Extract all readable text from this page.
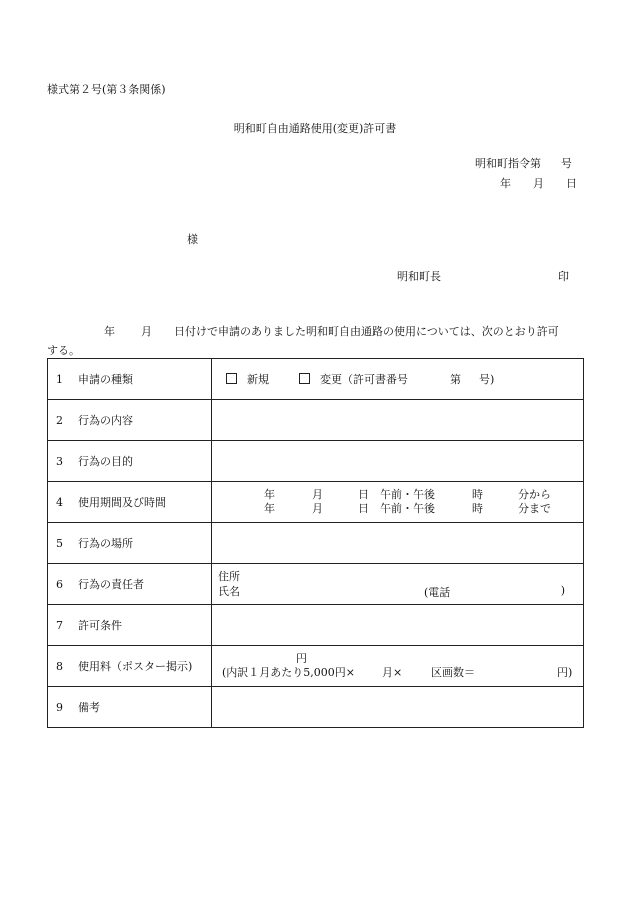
様式第２号(第３条関係)
明和町自由通路使用(変更)許可書
明和町指令第 号
年 月 日
様
明和町長	印
年 月 日付けで申請のありました明和町自由通路の使用については、次のとおり許可
する。
1 申請の種類	新規 変更（許可書番号 第 号)
2 行為の内容	
3 行為の目的	
4 使用期間及び時間	年 月 日 午前・午後 時 分から
年 月 日 午前・午後 時 分まで

5 行為の場所	
6 行為の責任者	住所
氏名 (電話 )

7 許可条件	
8 使用料（ポスター掲示)	円
(内訳１月あたり5,000円× 月× 区画数＝ 円)

9 備考	
